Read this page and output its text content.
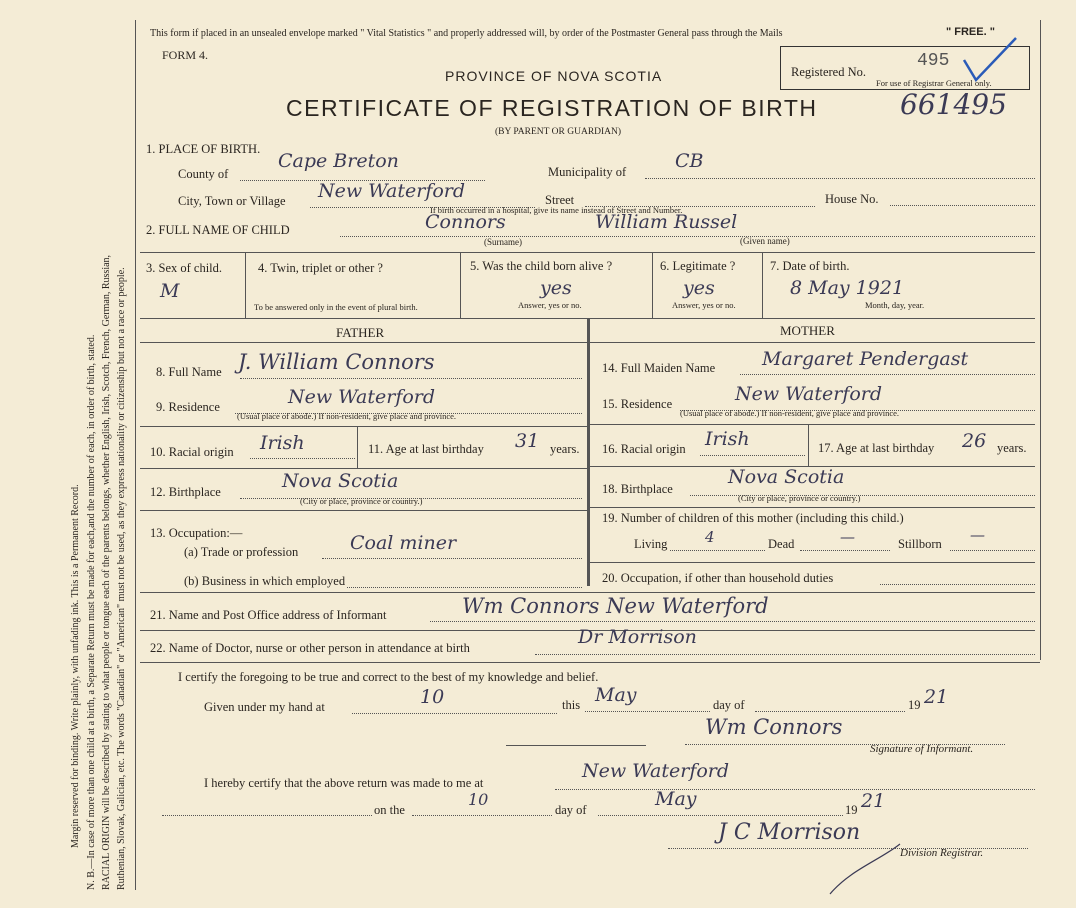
Margin reserved for binding. Write plainly, with unfading ink. This is a Permanent Record. N. B.—In case of more than one child at a birth, a Separate Return must be made for each,and the number of each, in order of birth, stated. RACIAL ORIGIN will be described by stating to what people or tongue each of the parents belongs, whether English, Irish, Scotch, French, German, Russian, Ruthenian, Slovak, Galician, etc. The words "Canadian" or "American" must not be used, as they express nationality or citizenship but not a race or people.
This form if placed in an unsealed envelope marked " Vital Statistics " and properly addressed will, by order of the Postmaster General pass through the Mails	" FREE. "
FORM 4.
PROVINCE OF NOVA SCOTIA
CERTIFICATE OF REGISTRATION OF BIRTH
(BY PARENT OR GUARDIAN)
661495
Registered No.
495
For use of Registrar General only.
1. PLACE OF BIRTH.
County of
Cape Breton	Municipality of	CB
City, Town or Village New Waterford	Street	House No.
If birth occurred in a hospital, give its name instead of Street and Number.
2. FULL NAME OF CHILD	Connors	William Russel
(Surname)	(Given name)
3. Sex of child.
M
4. Twin, triplet or other ?
To be answered only in the event of plural birth.
5. Was the child born alive ?
yes
Answer, yes or no.
6. Legitimate ?
yes
Answer, yes or no.
7. Date of birth.
8 May 1921
Month, day, year.
FATHER	MOTHER
8. Full Name J. William Connors
9. Residence	New Waterford
(Usual place of abode.) If non-resident, give place and province.
10. Racial origin Irish	11. Age at last birthday 31 years.
12. Birthplace	Nova Scotia
(City or place, province or country.)
13. Occupation:—
(a) Trade or profession	Coal miner
(b) Business in which employed
14. Full Maiden Name Margaret Pendergast
15. Residence	New Waterford
(Usual place of abode.) If non-resident, give place and province.
16. Racial origin Irish	17. Age at last birthday 26 years.
18. Birthplace
Nova Scotia
(City or place, province or country.)
19. Number of children of this mother (including this child.)
Living	4	Dead	—	Stillborn —
20. Occupation, if other than household duties
21. Name and Post Office address of Informant	Wm Connors New Waterford
22. Name of Doctor, nurse or other person in attendance at birth	Dr Morrison
I certify the foregoing to be true and correct to the best of my knowledge and belief.
Given under my hand at	10	this May	day of	19 21
Wm Connors
Signature of Informant.
I hereby certify that the above return was made to me at
New Waterford
on the
10
day of	May	19 21
J C Morrison
Division Registrar.
